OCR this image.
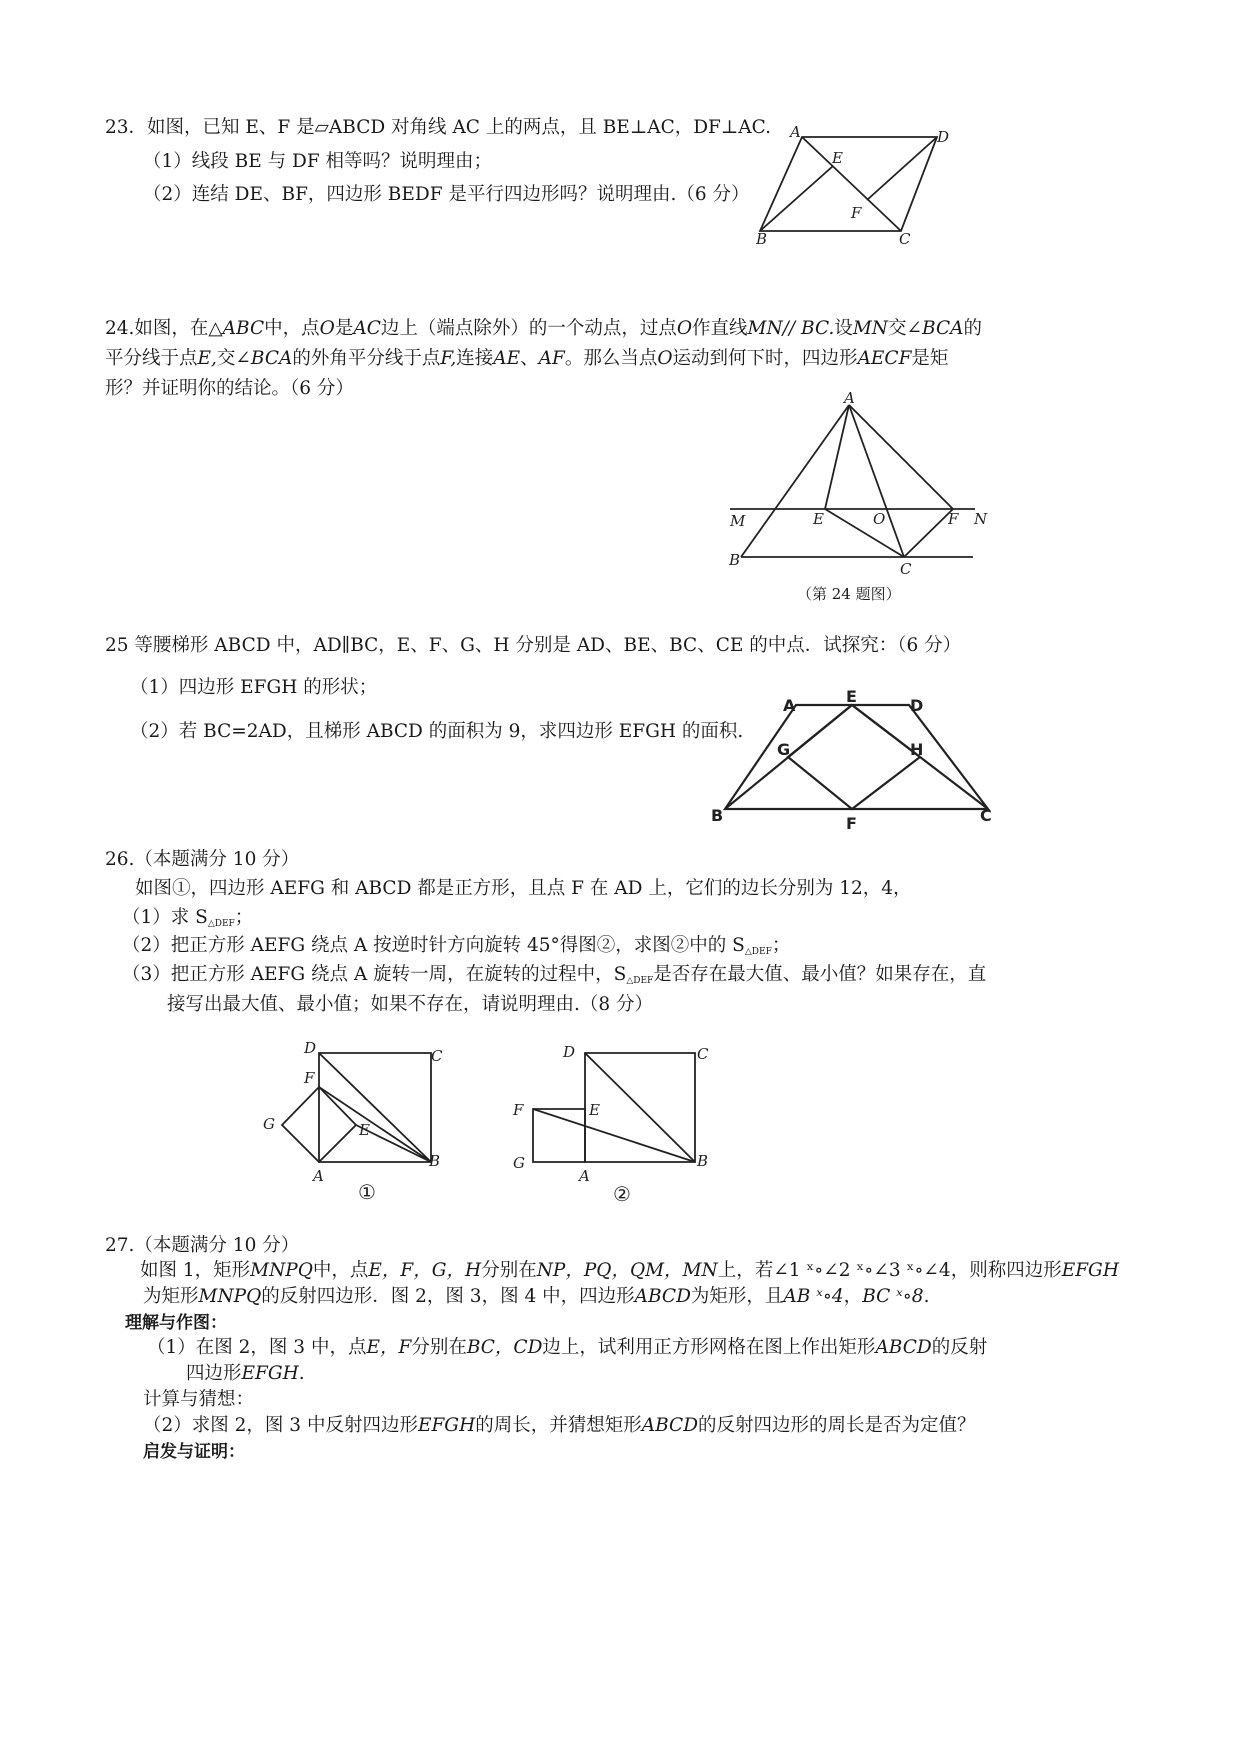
23．如图，已知 E、F 是▱ABCD 对角线 AC 上的两点，且 BE⊥AC，DF⊥AC.
（1）线段 BE 与 DF 相等吗？说明理由；
（2）连结 DE、BF，四边形 BEDF 是平行四边形吗？说明理由.（6 分）
A	D
E
F
B	C
24.如图，在△ABC中，点O是AC边上（端点除外）的一个动点，过点O作直线MN// BC.设MN交∠BCA的
平分线于点E,交∠BCA的外角平分线于点F,连接AE、AF。那么当点O运动到何下时，四边形AECF是矩
形？并证明你的结论。（6 分）	A
M	E	O	F N
B	C
（第 24 题图）
25 等腰梯形 ABCD 中，AD∥BC，E、F、G、H 分别是 AD、BE、BC、CE 的中点．试探究：（6 分）
（1）四边形 EFGH 的形状；
（2）若 BC=2AD，且梯形 ABCD 的面积为 9，求四边形 EFGH 的面积.
A	E	D
G	H
B	F	C
26.（本题满分 10 分）
如图①，四边形 AEFG 和 ABCD 都是正方形，且点 F 在 AD 上，它们的边长分别为 12，4，
（1）求 $S_{\triangle DEF}$；
（2）把正方形 AEFG 绕点 A 按逆时针方向旋转 45°得图②，求图②中的 $S_{\triangle DEF}$；
（3）把正方形 AEFG 绕点 A 旋转一周，在旋转的过程中，$S_{\triangle DEF}$是否存在最大值、最小值？如果存在，直
接写出最大值、最小值；如果不存在，请说明理由.（8 分）
D	C
F
G	E
A
B
①
D	C
F	E
G
A
B
②
27.（本题满分 10 分）
如图 1，矩形MNPQ中，点E，F，G，H分别在NP，PQ，QM，MN上，若∠1 ˣ∘∠2 ˣ∘∠3 ˣ∘∠4，则称四边形EFGH
为矩形MNPQ的反射四边形．图 2，图 3，图 4 中，四边形ABCD为矩形，且AB ˣ∘4，BC ˣ∘8.
理解与作图：
（1）在图 2，图 3 中，点E，F分别在BC，CD边上，试利用正方形网格在图上作出矩形ABCD的反射
四边形EFGH.
计算与猜想：
（2）求图 2，图 3 中反射四边形EFGH的周长，并猜想矩形ABCD的反射四边形的周长是否为定值？
启发与证明：
